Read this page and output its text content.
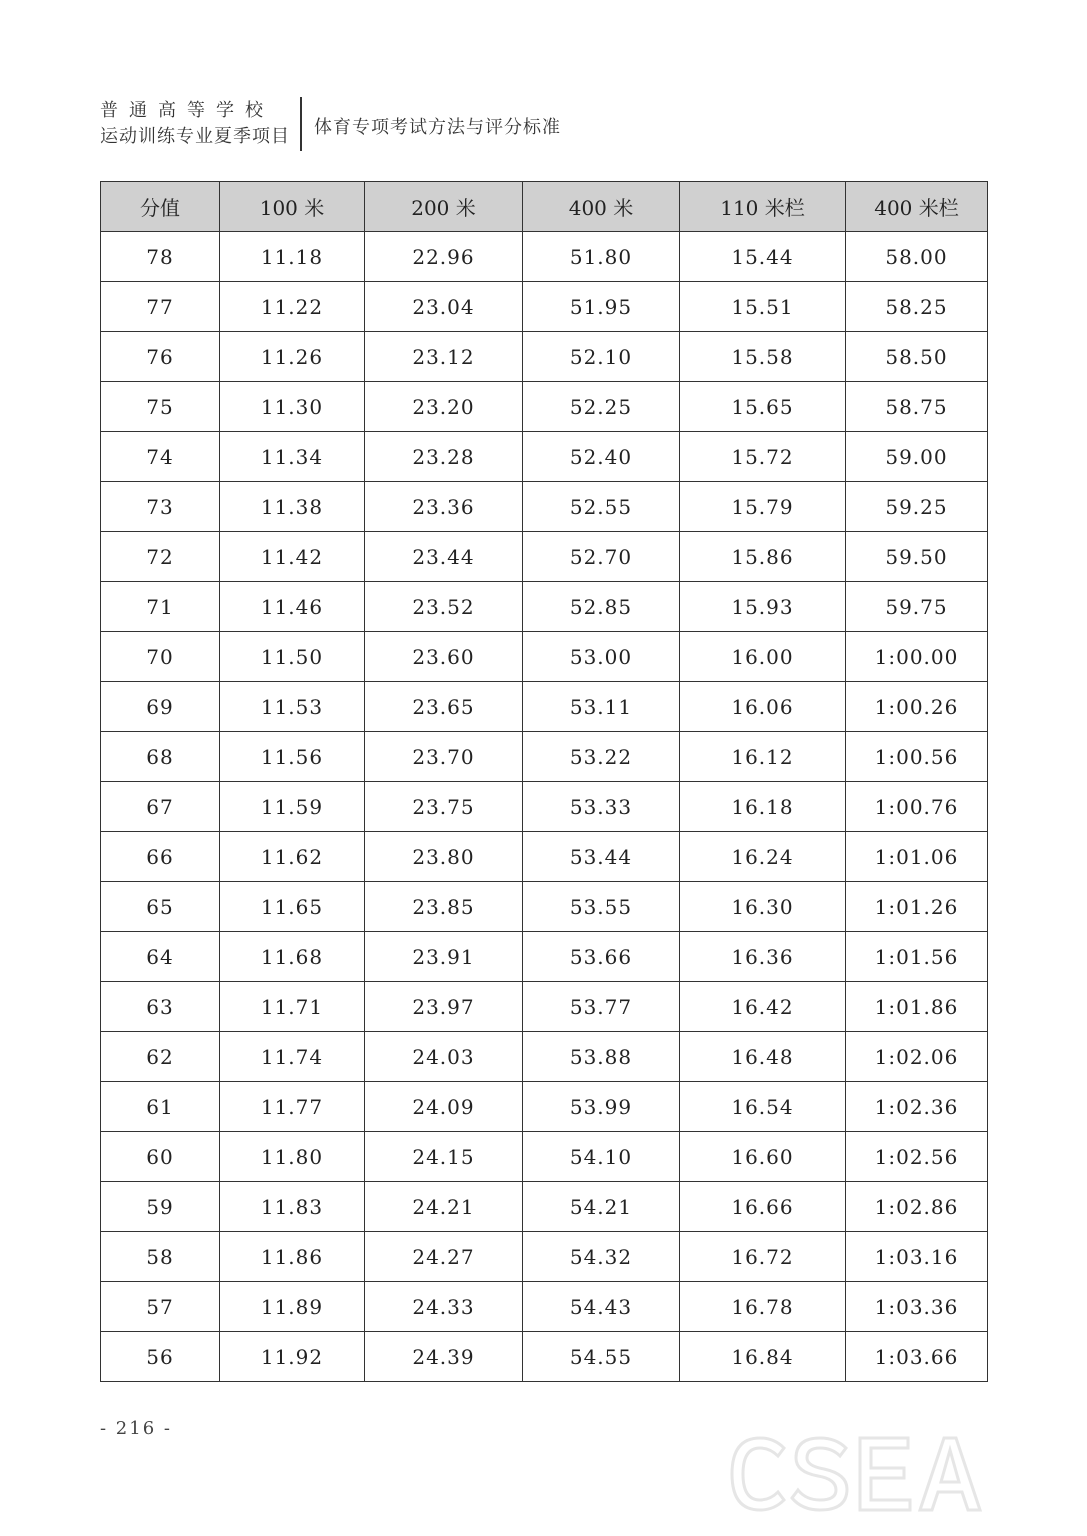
普通高等学校
运动训练专业夏季项目 体育专项考试方法与评分标准
分值	100 米	200 米	400 米	110 米栏	400 米栏
78	11.18	22.96	51.80	15.44	58.00
77	11.22	23.04	51.95	15.51	58.25
76	11.26	23.12	52.10	15.58	58.50
75	11.30	23.20	52.25	15.65	58.75
74	11.34	23.28	52.40	15.72	59.00
73	11.38	23.36	52.55	15.79	59.25
72	11.42	23.44	52.70	15.86	59.50
71	11.46	23.52	52.85	15.93	59.75
70	11.50	23.60	53.00	16.00	1:00.00
69	11.53	23.65	53.11	16.06	1:00.26
68	11.56	23.70	53.22	16.12	1:00.56
67	11.59	23.75	53.33	16.18	1:00.76
66	11.62	23.80	53.44	16.24	1:01.06
65	11.65	23.85	53.55	16.30	1:01.26
64	11.68	23.91	53.66	16.36	1:01.56
63	11.71	23.97	53.77	16.42	1:01.86
62	11.74	24.03	53.88	16.48	1:02.06
61	11.77	24.09	53.99	16.54	1:02.36
60	11.80	24.15	54.10	16.60	1:02.56
59	11.83	24.21	54.21	16.66	1:02.86
58	11.86	24.27	54.32	16.72	1:03.16
57	11.89	24.33	54.43	16.78	1:03.36
56	11.92	24.39	54.55	16.84	1:03.66
- 216 -
